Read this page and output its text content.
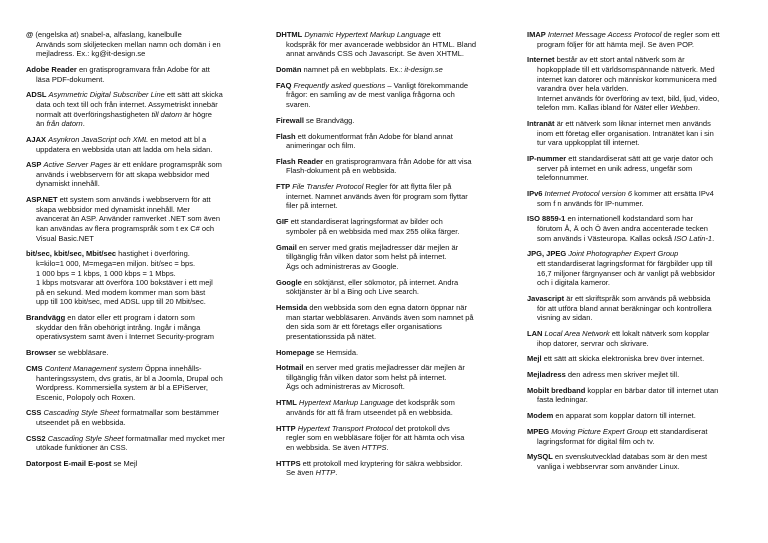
@ (engelska at) snabel-a, alfaslang, kanelbulle
Används som skiljetecken mellan namn och domän i en
mejladress. Ex.: kg@it-design.se
Adobe Reader en gratisprogramvara från Adobe för att
läsa PDF-dokument.
ADSL Asymmetric Digital Subscriber Line ett sätt att skicka
data och text till och från internet. Assymetriskt innebär
normalt att överföringshastigheten till datorn är högre
än från datorn.
AJAX Asynkron JavaScript och XML en metod att bl a
uppdatera en webbsida utan att ladda om hela sidan.
ASP Active Server Pages är ett enklare programspråk som
används i webbservern för att skapa webbsidor med
dynamiskt innehåll.
ASP.NET ett system som används i webbservern för att
skapa webbsidor med dynamiskt innehåll. Mer
avancerat än ASP. Använder ramverket .NET som även
kan användas av flera programspråk som t ex C# och
Visual Basic.NET
bit/sec, kbit/sec, Mbit/sec hastighet i överföring.
k=kilo=1 000, M=mega=en miljon. bit/sec = bps.
1 000 bps = 1 kbps, 1 000 kbps = 1 Mbps.
1 kbps motsvarar att överföra 100 bokstäver i ett mejl
på en sekund. Med modem kommer man som bäst
upp till 100 kbit/sec, med ADSL upp till 20 Mbit/sec.
Brandvägg en dator eller ett program i datorn som
skyddar den från obehörigt intrång. Ingår i många
operativsystem samt även i Internet Security-program
Browser se webbläsare.
CMS Content Management system Öppna innehålls-
hanteringssystem, dvs gratis, är bl a Joomla, Drupal och
Wordpress. Kommersiella system är bl a EPiServer,
Escenic, Polopoly och Roxen.
CSS Cascading Style Sheet formatmallar som bestämmer
utseendet på en webbsida.
CSS2 Cascading Style Sheet formatmallar med mycket mer
utökade funktioner än CSS.
Datorpost E-mail E-post se Mejl
DHTML Dynamic Hypertext Markup Language ett
kodspråk för mer avancerade webbsidor än HTML. Bland
annat används CSS och Javascript. Se även XHTML.
Domän namnet på en webbplats. Ex.: it-design.se
FAQ Frequently asked questions – Vanligt förekommande
frågor: en samling av de mest vanliga frågorna och
svaren.
Firewall se Brandvägg.
Flash ett dokumentformat från Adobe för bland annat
animeringar och film.
Flash Reader en gratisprogramvara från Adobe för att visa
Flash-dokument på en webbsida.
FTP File Transfer Protocol Regler för att flytta filer på
internet. Namnet används även för program som flyttar
filer på internet.
GIF ett standardiserat lagringsformat av bilder och
symboler på en webbsida med max 255 olika färger.
Gmail en server med gratis mejladresser där mejlen är
tillgänglig från vilken dator som helst på internet.
Ägs och administreras av Google.
Google en söktjänst, eller sökmotor, på internet. Andra
söktjänster är bl a Bing och Live search.
Hemsida den webbsida som den egna datorn öppnar när
man startar webbläsaren. Används även som namnet på
den sida som är ett företags eller organisations
presentationssida på nätet.
Homepage se Hemsida.
Hotmail en server med gratis mejladresser där mejlen är
tillgänglig från vilken dator som helst på internet.
Ägs och administreras av Microsoft.
HTML Hypertext Markup Language det kodspråk som
används för att få fram utseendet på en webbsida.
HTTP Hypertext Transport Protocol det protokoll dvs
regler som en webbläsare följer för att hämta och visa
en webbsida. Se även HTTPS.
HTTPS ett protokoll med kryptering för säkra webbsidor.
Se även HTTP.
IMAP Internet Message Access Protocol de regler som ett
program följer för att hämta mejl. Se även POP.
Internet består av ett stort antal nätverk som är
hopkopplade till ett världsomspännande nätverk. Med
internet kan datorer och människor kommunicera med
varandra över hela världen.
Internet används för överföring av text, bild, ljud, video,
telefon mm. Kallas ibland för Nätet eller Webben.
Intranät är ett nätverk som liknar internet men används
inom ett företag eller organisation. Intranätet kan i sin
tur vara uppkopplat till internet.
IP-nummer ett standardiserat sätt att ge varje dator och
server på internet en unik adress, ungefär som
telefonnummer.
IPv6 Internet Protocol version 6 kommer att ersätta IPv4
som f n används för IP-nummer.
ISO 8859-1 en internationell kodstandard som har
förutom Å, Ä och Ö även andra accenterade tecken
som används i Västeuropa. Kallas också ISO Latin-1.
JPG, JPEG Joint Photographer Expert Group
ett standardiserat lagringsformat för färgbilder upp till
16,7 miljoner färgnyanser och är vanligt på webbsidor
och i digitala kameror.
Javascript är ett skriftspråk som används på webbsida
för att utföra bland annat beräkningar och kontrollera
visning av sidan.
LAN Local Area Network ett lokalt nätverk som kopplar
ihop datorer, servrar och skrivare.
Mejl ett sätt att skicka elektroniska brev över internet.
Mejladress den adress men skriver mejlet till.
Mobilt bredband kopplar en bärbar dator till internet utan
fasta ledningar.
Modem en apparat som kopplar datorn till internet.
MPEG Moving Picture Expert Group ett standardiserat
lagringsformat för digital film och tv.
MySQL en svenskutvecklad databas som är den mest
vanliga i webbservrar som använder Linux.
